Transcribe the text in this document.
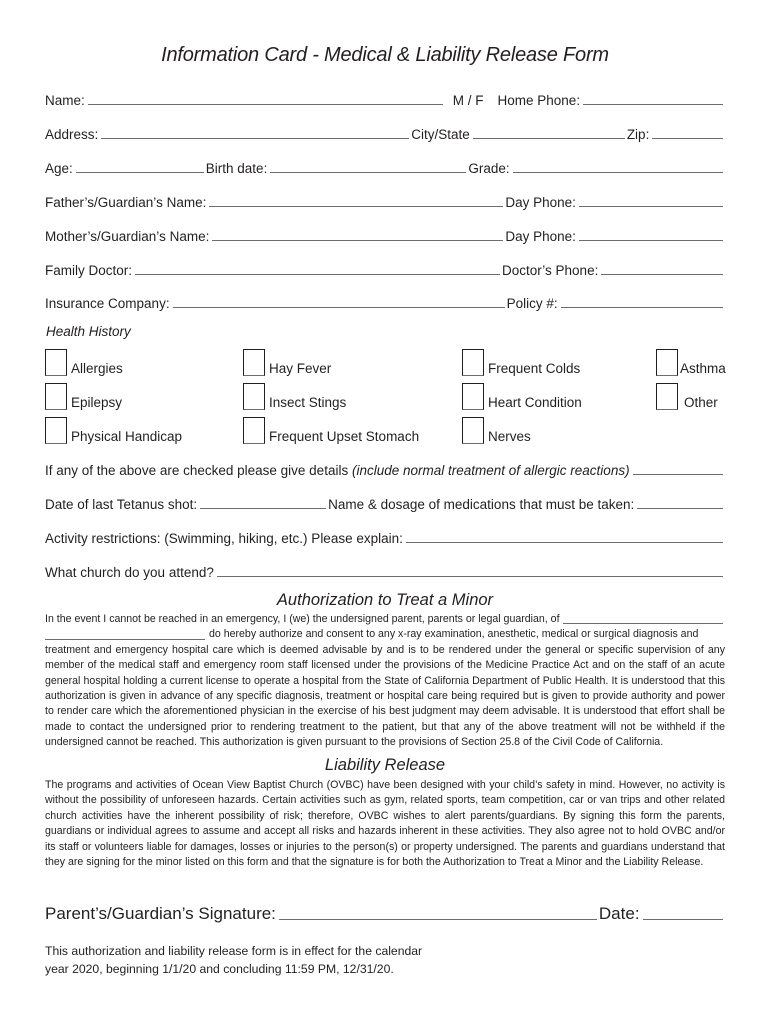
Information Card - Medical & Liability Release Form
Name:	M / F Home Phone:
Address:	City/State	Zip:
Age:	Birth date:	Grade:
Father’s/Guardian’s Name:	Day Phone:
Mother’s/Guardian’s Name:	Day Phone:
Family Doctor:	Doctor’s Phone:
Insurance Company:	Policy #:
Health History
Allergies	Hay Fever	Frequent Colds	Asthma
Epilepsy	Insect Stings	Heart Condition	Other
Physical Handicap	Frequent Upset Stomach	Nerves
If any of the above are checked please give details (include normal treatment of allergic reactions)
Date of last Tetanus shot:	Name & dosage of medications that must be taken:
Activity restrictions: (Swimming, hiking, etc.) Please explain:
What church do you attend?
Authorization to Treat a Minor
In the event I cannot be reached in an emergency, I (we) the undersigned parent, parents or legal guardian, of
do hereby authorize and consent to any x-ray examination, anesthetic, medical or surgical diagnosis and
treatment and emergency hospital care which is deemed advisable by and is to be rendered under the general or specific supervision of any member of the medical staff and emergency room staff licensed under the provisions of the Medicine Practice Act and on the staff of an acute general hospital holding a current license to operate a hospital from the State of California Department of Public Health. It is understood that this authorization is given in advance of any specific diagnosis, treatment or hospital care being required but is given to provide authority and power to render care which the aforementioned physician in the exercise of his best judgment may deem advisable. It is understood that effort shall be made to contact the undersigned prior to rendering treatment to the patient, but that any of the above treatment will not be withheld if the undersigned cannot be reached. This authorization is given pursuant to the provisions of Section 25.8 of the Civil Code of California.
Liability Release
The programs and activities of Ocean View Baptist Church (OVBC) have been designed with your child’s safety in mind. However, no activity is without the possibility of unforeseen hazards. Certain activities such as gym, related sports, team competition, car or van trips and other related church activities have the inherent possibility of risk; therefore, OVBC wishes to alert parents/guardians. By signing this form the parents, guardians or individual agrees to assume and accept all risks and hazards inherent in these activities. They also agree not to hold OVBC and/or its staff or volunteers liable for damages, losses or injuries to the person(s) or property undersigned. The parents and guardians understand that they are signing for the minor listed on this form and that the signature is for both the Authorization to Treat a Minor and the Liability Release.
Parent’s/Guardian’s Signature:	Date:
This authorization and liability release form is in effect for the calendar
year 2020, beginning 1/1/20 and concluding 11:59 PM, 12/31/20.
